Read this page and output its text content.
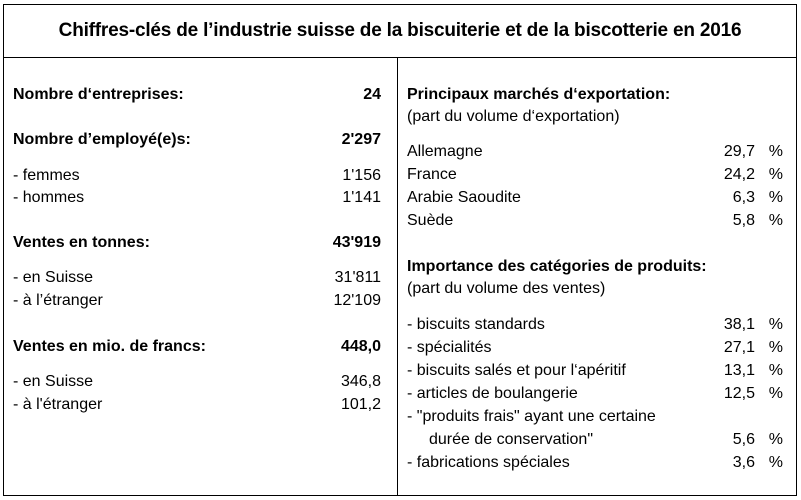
Chiffres-clés de l’industrie suisse de la biscuiterie et de la biscotterie en 2016
Nombre d‘entreprises:	24
Nombre d’employé(e)s:	2'297
- femmes	1'156
- hommes	1'141
Ventes en tonnes:	43'919
- en Suisse	31'811
- à l’étranger	12'109
Ventes en mio. de francs:	448,0
- en Suisse	346,8
- à l'étranger	101,2
Principaux marchés d‘exportation:
(part du volume d‘exportation)
Allemagne	29,7 %
France	24,2 %
Arabie Saoudite	6,3 %
Suède	5,8 %
Importance des catégories de produits:
(part du volume des ventes)
- biscuits standards	38,1 %
- spécialités	27,1 %
- biscuits salés et pour l‘apéritif	13,1 %
- articles de boulangerie	12,5 %
- "produits frais" ayant une certaine
durée de conservation"	5,6 %
- fabrications spéciales	3,6 %
